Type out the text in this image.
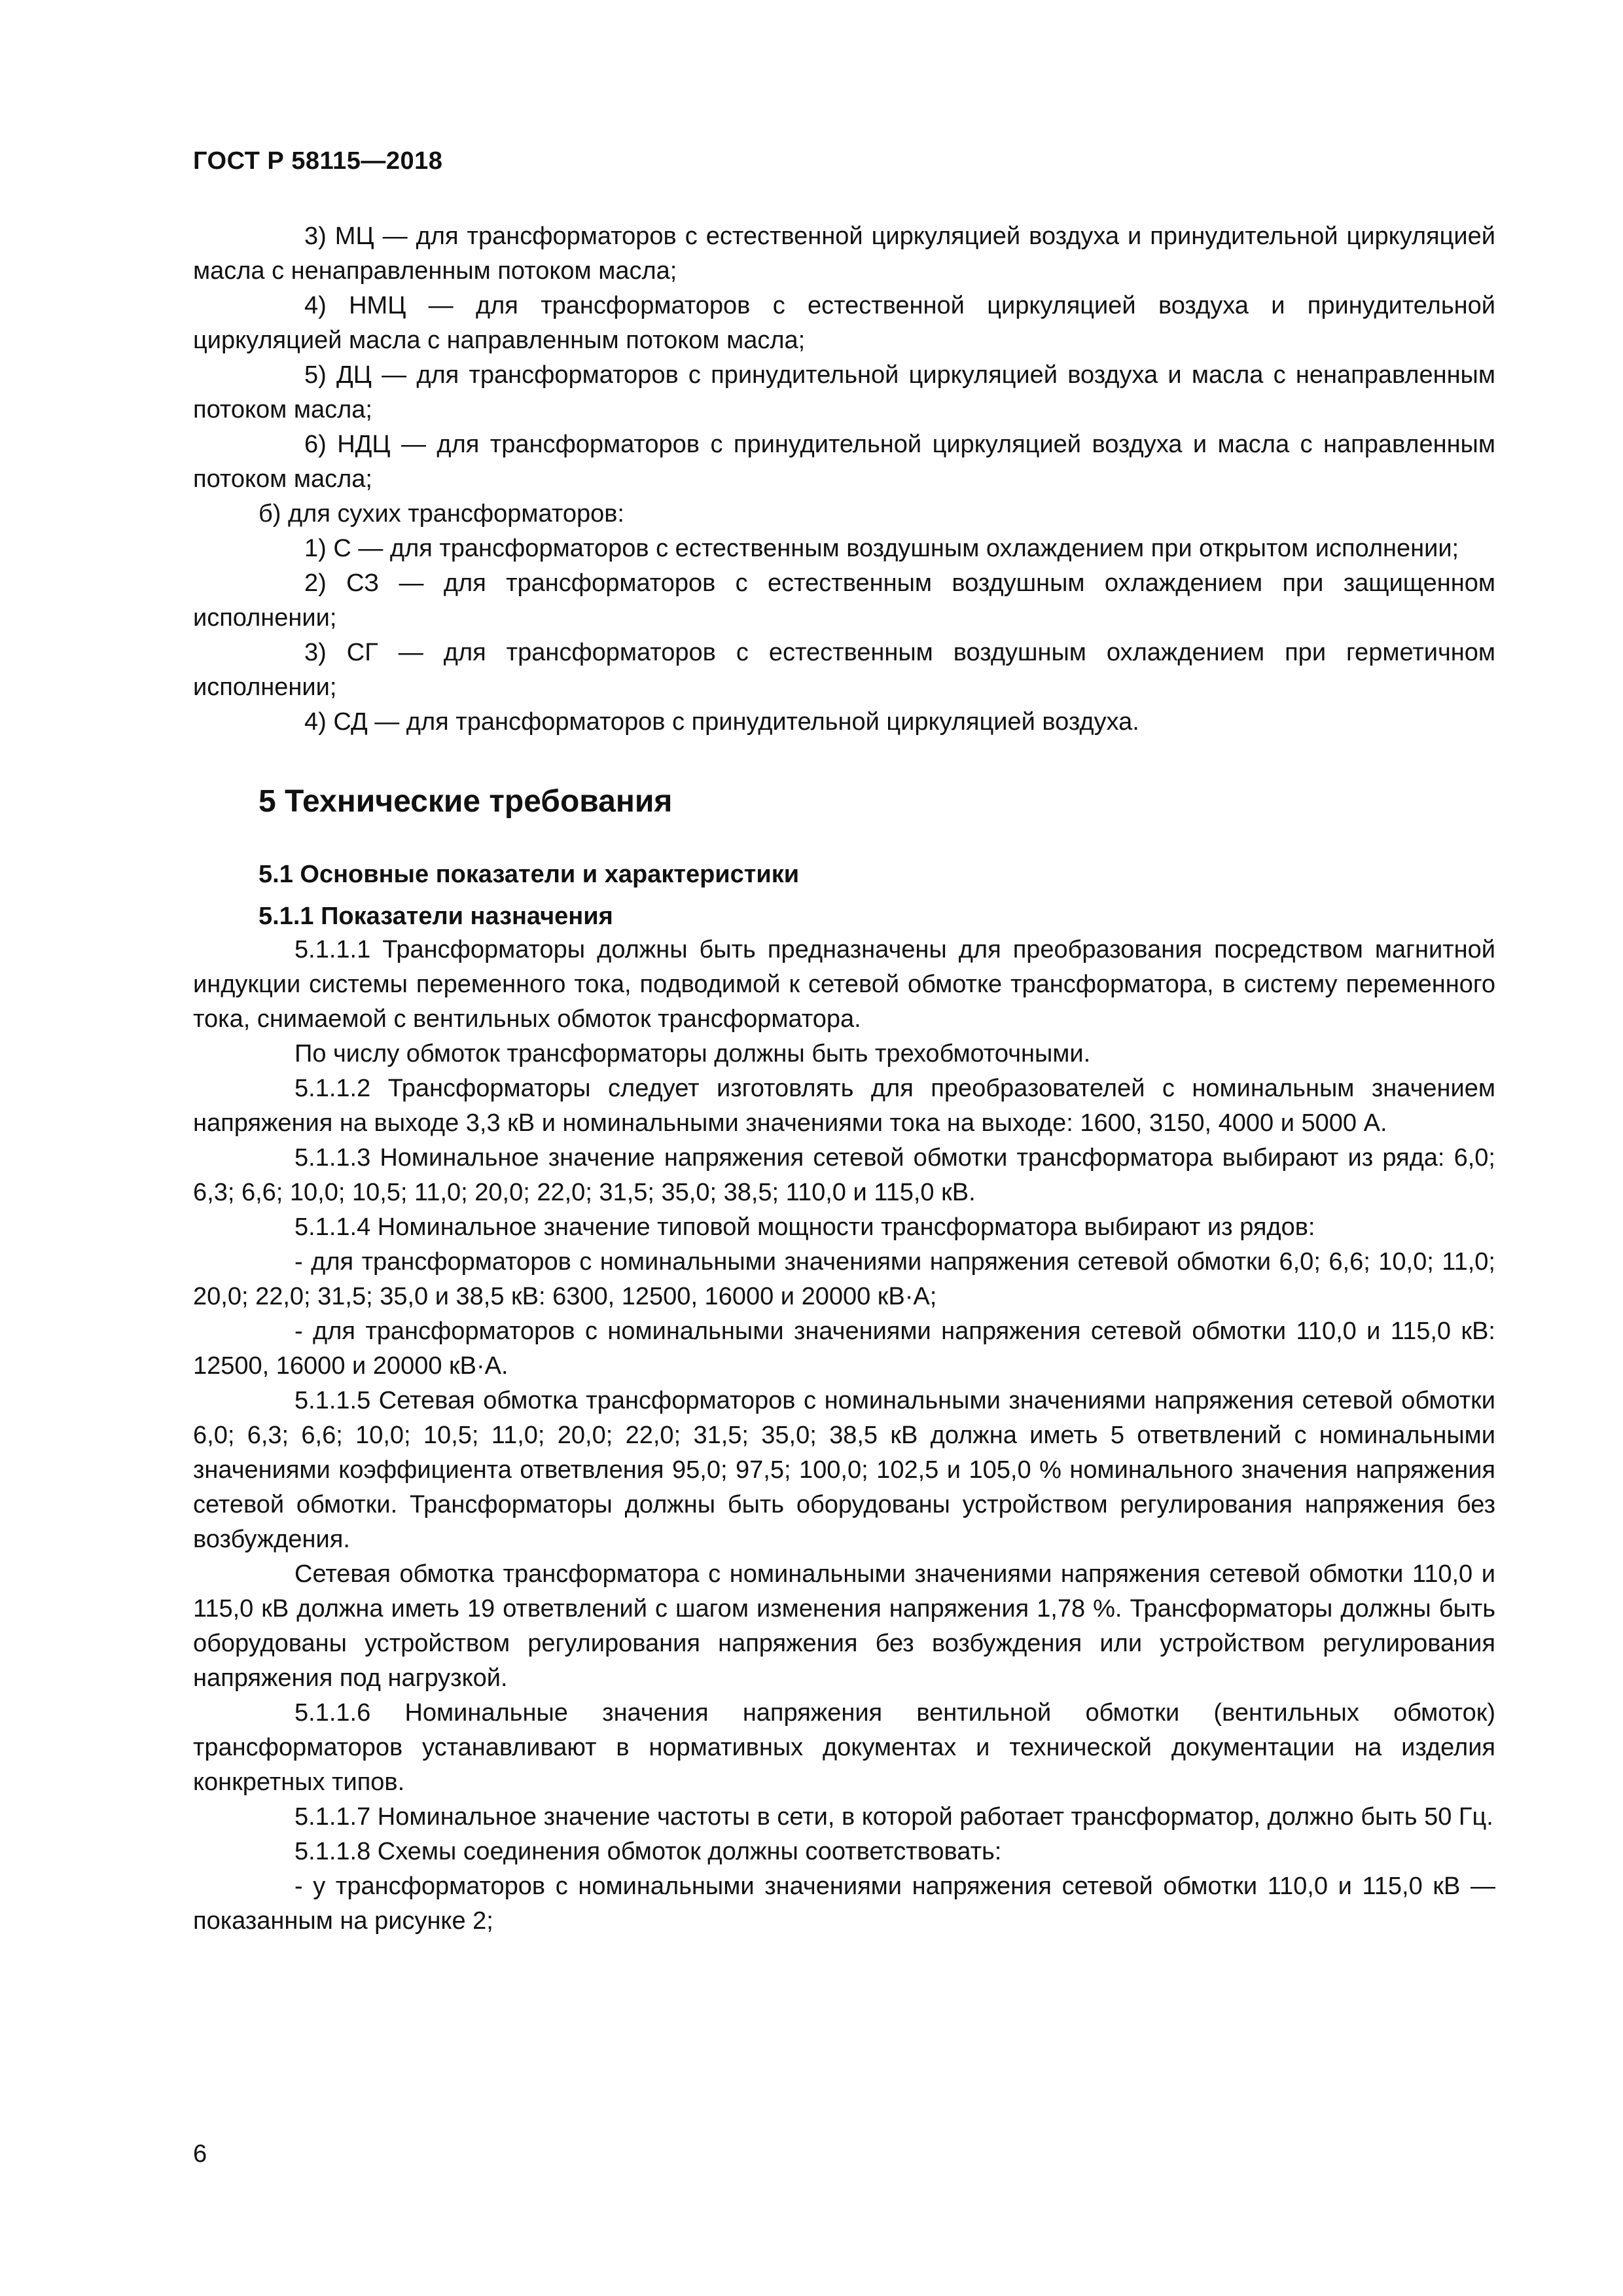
ГОСТ Р 58115—2018

3) МЦ — для трансформаторов с естественной циркуляцией воздуха и принудительной циркуляцией масла с ненаправленным потоком масла;

4) НМЦ — для трансформаторов с естественной циркуляцией воздуха и принудительной циркуляцией масла с направленным потоком масла;

5) ДЦ — для трансформаторов с принудительной циркуляцией воздуха и масла с ненаправленным потоком масла;

6) НДЦ — для трансформаторов с принудительной циркуляцией воздуха и масла с направленным потоком масла;

б) для сухих трансформаторов:

1) С — для трансформаторов с естественным воздушным охлаждением при открытом исполнении;

2) СЗ — для трансформаторов с естественным воздушным охлаждением при защищенном исполнении;

3) СГ — для трансформаторов с естественным воздушным охлаждением при герметичном исполнении;

4) СД — для трансформаторов с принудительной циркуляцией воздуха.

5 Технические требования
5.1 Основные показатели и характеристики
5.1.1 Показатели назначения

5.1.1.1 Трансформаторы должны быть предназначены для преобразования посредством магнитной индукции системы переменного тока, подводимой к сетевой обмотке трансформатора, в систему переменного тока, снимаемой с вентильных обмоток трансформатора.

По числу обмоток трансформаторы должны быть трехобмоточными.

5.1.1.2 Трансформаторы следует изготовлять для преобразователей с номинальным значением напряжения на выходе 3,3 кВ и номинальными значениями тока на выходе: 1600, 3150, 4000 и 5000 А.

5.1.1.3 Номинальное значение напряжения сетевой обмотки трансформатора выбирают из ряда: 6,0; 6,3; 6,6; 10,0; 10,5; 11,0; 20,0; 22,0; 31,5; 35,0; 38,5; 110,0 и 115,0 кВ.

5.1.1.4 Номинальное значение типовой мощности трансформатора выбирают из рядов:

- для трансформаторов с номинальными значениями напряжения сетевой обмотки 6,0; 6,6; 10,0; 11,0; 20,0; 22,0; 31,5; 35,0 и 38,5 кВ: 6300, 12500, 16000 и 20000 кВ·А;

- для трансформаторов с номинальными значениями напряжения сетевой обмотки 110,0 и 115,0 кВ: 12500, 16000 и 20000 кВ·А.

5.1.1.5 Сетевая обмотка трансформаторов с номинальными значениями напряжения сетевой обмотки 6,0; 6,3; 6,6; 10,0; 10,5; 11,0; 20,0; 22,0; 31,5; 35,0; 38,5 кВ должна иметь 5 ответвлений с номинальными значениями коэффициента ответвления 95,0; 97,5; 100,0; 102,5 и 105,0 % номинального значения напряжения сетевой обмотки. Трансформаторы должны быть оборудованы устройством регулирования напряжения без возбуждения.

Сетевая обмотка трансформатора с номинальными значениями напряжения сетевой обмотки 110,0 и 115,0 кВ должна иметь 19 ответвлений с шагом изменения напряжения 1,78 %. Трансформаторы должны быть оборудованы устройством регулирования напряжения без возбуждения или устройством регулирования напряжения под нагрузкой.

5.1.1.6 Номинальные значения напряжения вентильной обмотки (вентильных обмоток) трансформаторов устанавливают в нормативных документах и технической документации на изделия конкретных типов.

5.1.1.7 Номинальное значение частоты в сети, в которой работает трансформатор, должно быть 50 Гц.

5.1.1.8 Схемы соединения обмоток должны соответствовать:

- у трансформаторов с номинальными значениями напряжения сетевой обмотки 110,0 и 115,0 кВ — показанным на рисунке 2;

6
